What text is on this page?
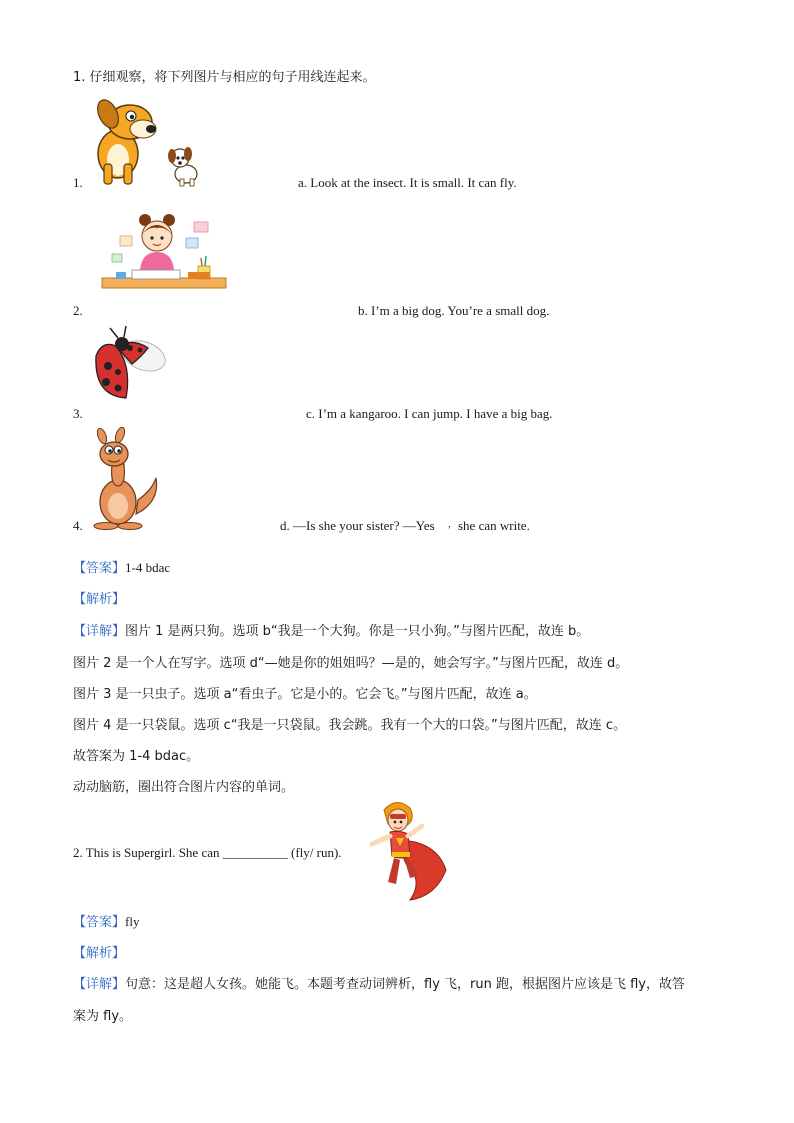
1. 仔细观察，将下列图片与相应的句子用线连起来。
1.	a. Look at the insect. It is small. It can fly.
2.	b. I’m a big dog. You’re a small dog.
3.	c. I’m a kangaroo. I can jump. I have a big bag.
4.	d. —Is she your sister? —Yes , she can write.
【答案】1-4 bdac
【解析】
【详解】图片 1 是两只狗。选项 b“我是一个大狗。你是一只小狗。”与图片匹配，故连 b。
图片 2 是一个人在写字。选项 d“—她是你的姐姐吗？—是的，她会写字。”与图片匹配，故连 d。
图片 3 是一只虫子。选项 a“看虫子。它是小的。它会飞。”与图片匹配，故连 a。
图片 4 是一只袋鼠。选项 c“我是一只袋鼠。我会跳。我有一个大的口袋。”与图片匹配，故连 c。
故答案为 1-4 bdac。
动动脑筋，圈出符合图片内容的单词。
2. This is Supergirl. She can __________ (fly/ run).
【答案】fly
【解析】
【详解】句意：这是超人女孩。她能飞。本题考查动词辨析，fly 飞，run 跑，根据图片应该是飞 fly，故答
案为 fly。
